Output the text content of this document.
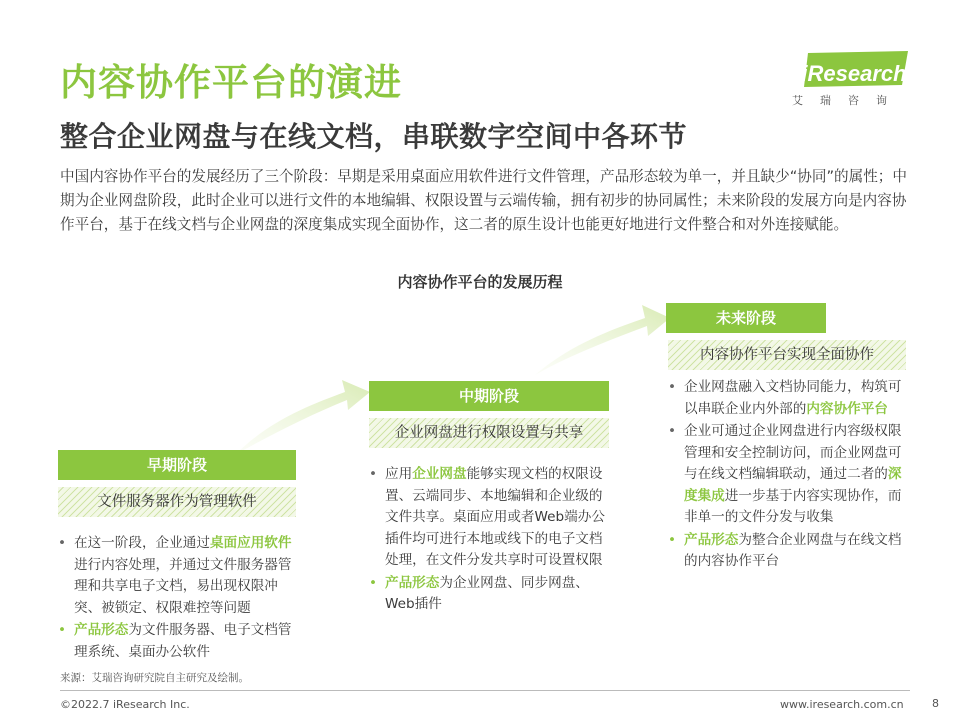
内容协作平台的演进
整合企业网盘与在线文档，串联数字空间中各环节
iResearch
艾瑞咨询

中国内容协作平台的发展经历了三个阶段：早期是采用桌面应用软件进行文件管理，产品形态较为单一，并且缺少“协同”的属性；中期为企业网盘阶段，此时企业可以进行文件的本地编辑、权限设置与云端传输，拥有初步的协同属性；未来阶段的发展方向是内容协作平台，基于在线文档与企业网盘的深度集成实现全面协作，这二者的原生设计也能更好地进行文件整合和对外连接赋能。

内容协作平台的发展历程
早期阶段
文件服务器作为管理软件
• 在这一阶段，企业通过桌面应用软件进行内容处理，并通过文件服务器管理和共享电子文档，易出现权限冲突、被锁定、权限难控等问题
• 产品形态为文件服务器、电子文档管理系统、桌面办公软件
中期阶段
企业网盘进行权限设置与共享
• 应用企业网盘能够实现文档的权限设置、云端同步、本地编辑和企业级的文件共享。桌面应用或者Web端办公插件均可进行本地或线下的电子文档处理，在文件分发共享时可设置权限
• 产品形态为企业网盘、同步网盘、Web插件
未来阶段
内容协作平台实现全面协作
• 企业网盘融入文档协同能力，构筑可以串联企业内外部的内容协作平台
• 企业可通过企业网盘进行内容级权限管理和安全控制访问，而企业网盘可与在线文档编辑联动，通过二者的深度集成进一步基于内容实现协作，而非单一的文件分发与收集
• 产品形态为整合企业网盘与在线文档的内容协作平台

来源：艾瑞咨询研究院自主研究及绘制。

©2022.7 iResearch Inc.	www.iresearch.com.cn	8
